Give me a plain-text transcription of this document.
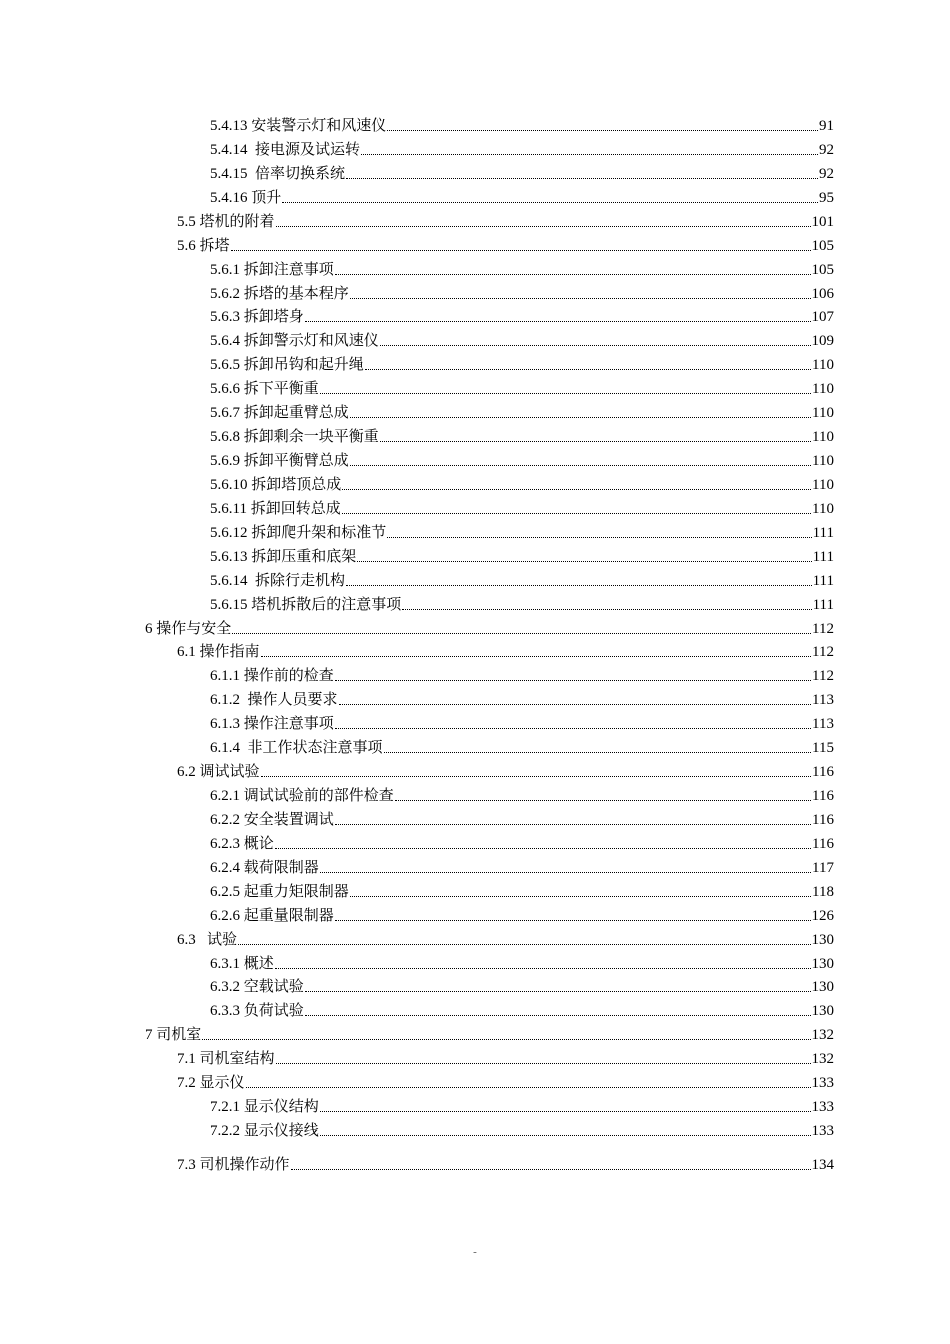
5.4.13 安装警示灯和风速仪	91
5.4.14  接电源及试运转	92
5.4.15  倍率切换系统	92
5.4.16 顶升	95
5.5 塔机的附着	101
5.6 拆塔	105
5.6.1 拆卸注意事项	105
5.6.2 拆塔的基本程序	106
5.6.3 拆卸塔身	107
5.6.4 拆卸警示灯和风速仪	109
5.6.5 拆卸吊钩和起升绳	110
5.6.6 拆下平衡重	110
5.6.7 拆卸起重臂总成	110
5.6.8 拆卸剩余一块平衡重	110
5.6.9 拆卸平衡臂总成	110
5.6.10 拆卸塔顶总成	110
5.6.11 拆卸回转总成	110
5.6.12 拆卸爬升架和标准节	111
5.6.13 拆卸压重和底架	111
5.6.14  拆除行走机构	111
5.6.15 塔机拆散后的注意事项	111
6 操作与安全	112
6.1 操作指南	112
6.1.1 操作前的检查	112
6.1.2  操作人员要求	113
6.1.3 操作注意事项	113
6.1.4  非工作状态注意事项	115
6.2 调试试验	116
6.2.1 调试试验前的部件检查	116
6.2.2 安全装置调试	116
6.2.3 概论	116
6.2.4 载荷限制器	117
6.2.5 起重力矩限制器	118
6.2.6 起重量限制器	126
6.3   试验	130
6.3.1 概述	130
6.3.2 空载试验	130
6.3.3 负荷试验	130
7 司机室	132
7.1 司机室结构	132
7.2 显示仪	133
7.2.1 显示仪结构	133
7.2.2 显示仪接线	133
7.3 司机操作动作	134
-
